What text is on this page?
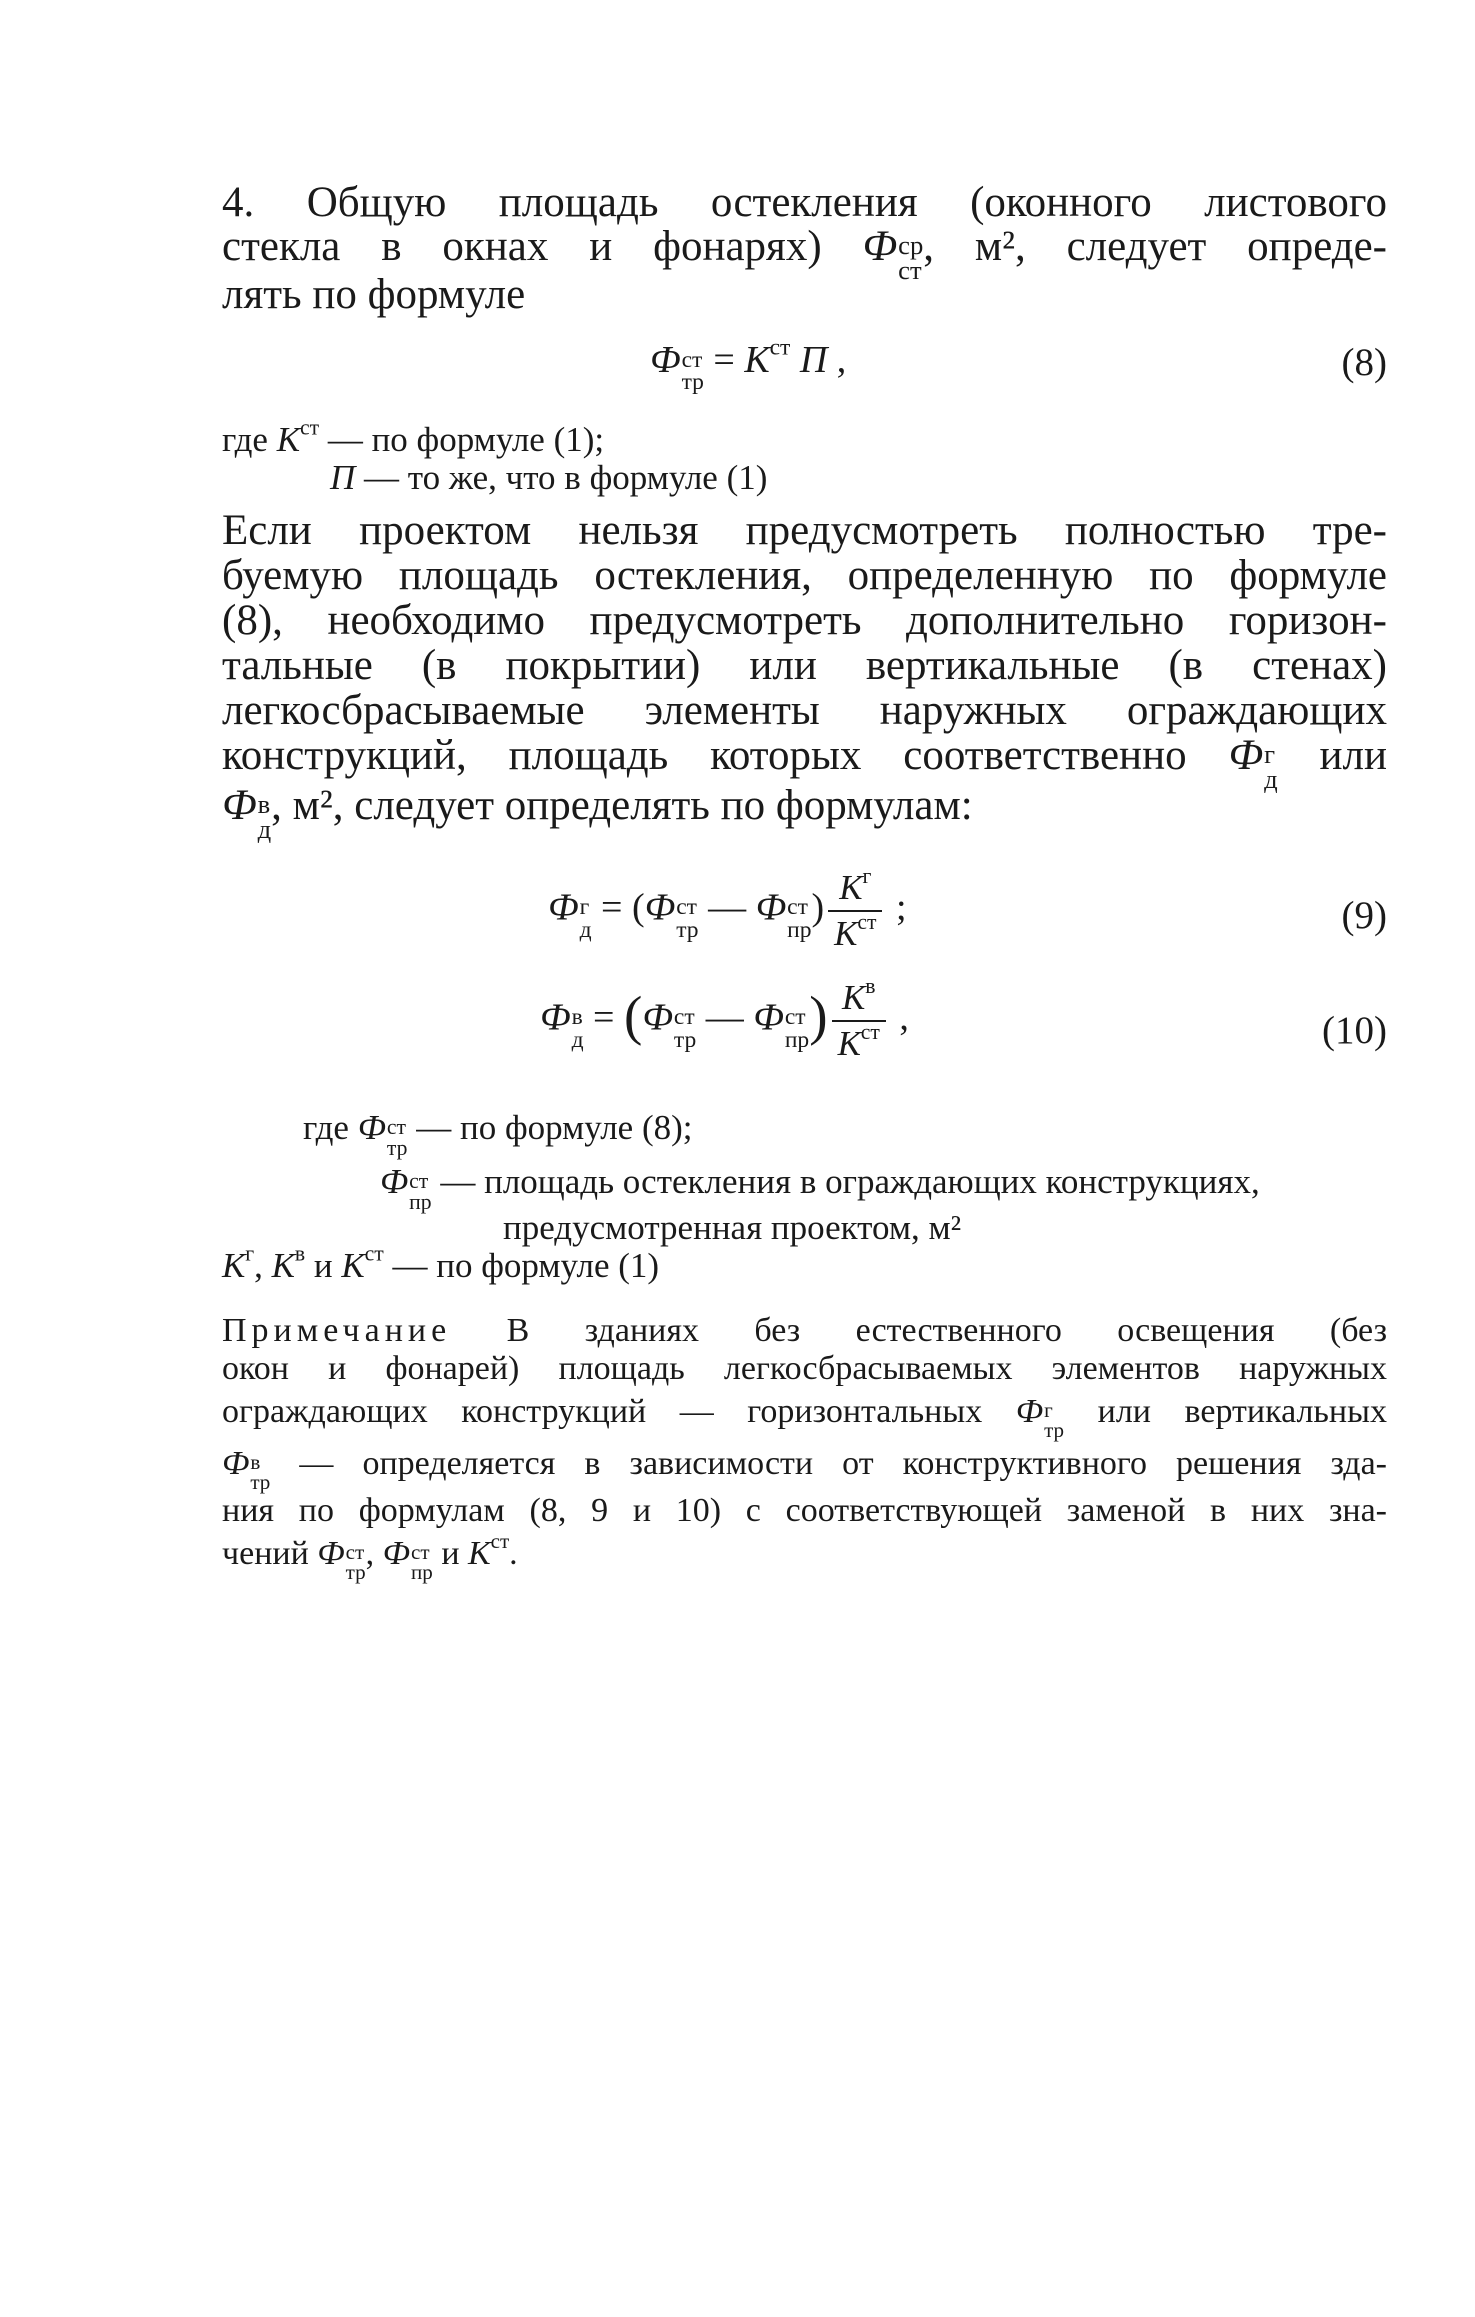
4. Общую площадь остекления (оконного листового
стекла в окнах и фонарях) Ф ср
ст
, м², следует опреде-
лять по формуле
Ф ст
тр
= $К^{ст}$ П ,	(8)
где $К^{ст}$ — по формуле (1);
П — то же, что в формуле (1)
Если проектом нельзя предусмотреть полностью тре-
буемую площадь остекления, определенную по формуле
(8), необходимо предусмотреть дополнительно горизон-
тальные (в покрытии) или вертикальные (в стенах)
легкосбрасываемые элементы наружных ограждающих
конструкций, площадь которых соответственно Ф г
д
или
Ф в
д
, м², следует определять по формулам:
Ф г
д
= (Ф ст
тр
— Ф ст
пр
) $\frac{К^г}{К^{ст}}$ ;	(9)
Ф в
д
= (Ф ст
тр
— Ф ст
пр ) $\frac{К^в}{К^{ст}}$ ,	(10)
где Ф ст
тр
— по формуле (8);
Ф ст
пр
— площадь остекления в ограждающих конструкциях,
предусмотренная проектом, м²
$К^г$, $К^в$ и $К^{ст}$ — по формуле (1)
Примечание В зданиях без естественного освещения (без
окон и фонарей) площадь легкосбрасываемых элементов наружных
ограждающих конструкций — горизонтальных Ф г
тр
или вертикальных
Ф в
тр
— определяется в зависимости от конструктивного решения зда-
ния по формулам (8, 9 и 10) с соответствующей заменой в них зна-
чений Ф ст
тр
, Ф ст
пр
и $К^{ст}$.
